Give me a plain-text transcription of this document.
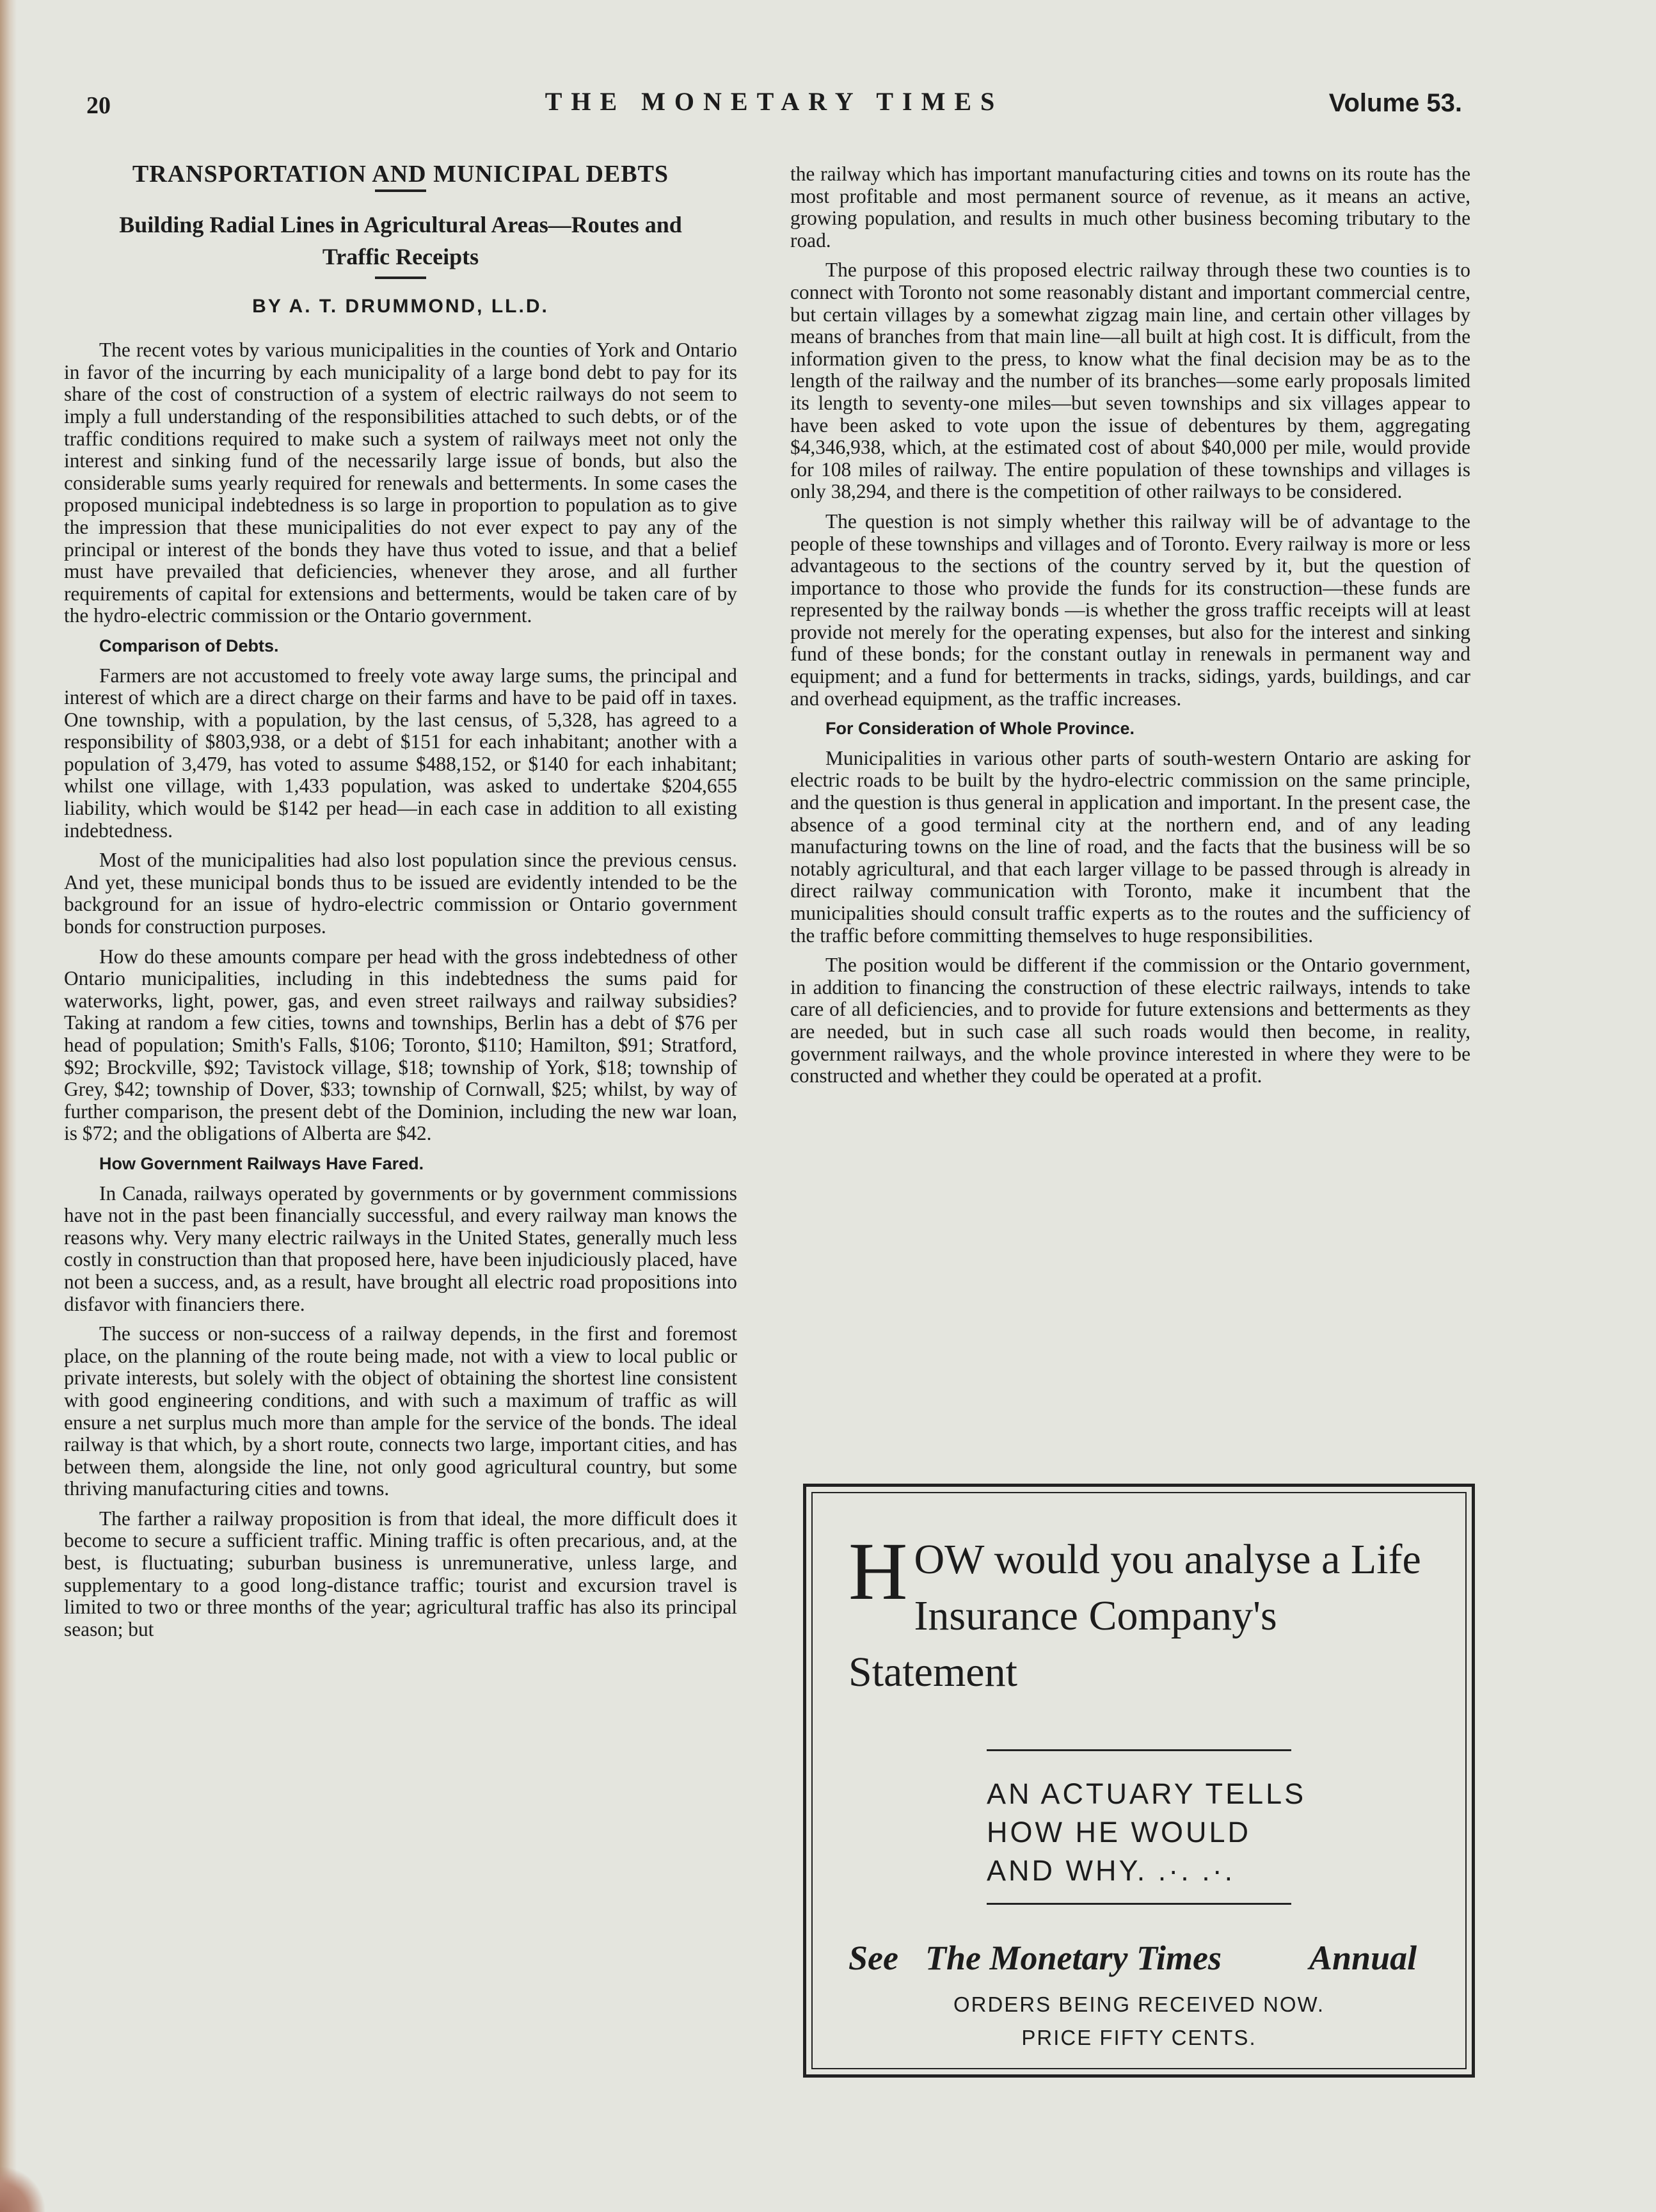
20	THE MONETARY TIMES	Volume 53.
TRANSPORTATION AND MUNICIPAL DEBTS
Building Radial Lines in Agricultural Areas—Routes and
Traffic Receipts
BY A. T. DRUMMOND, LL.D.

The recent votes by various municipalities in the counties of York and Ontario in favor of the incurring by each municipality of a large bond debt to pay for its share of the cost of construction of a system of electric railways do not seem to imply a full understanding of the responsibilities attached to such debts, or of the traffic conditions required to make such a system of railways meet not only the interest and sinking fund of the necessarily large issue of bonds, but also the considerable sums yearly required for renewals and betterments. In some cases the proposed municipal indebtedness is so large in proportion to population as to give the impression that these municipalities do not ever expect to pay any of the principal or interest of the bonds they have thus voted to issue, and that a belief must have prevailed that deficiencies, whenever they arose, and all further requirements of capital for extensions and betterments, would be taken care of by the hydro-electric commission or the Ontario government.

Comparison of Debts.

Farmers are not accustomed to freely vote away large sums, the principal and interest of which are a direct charge on their farms and have to be paid off in taxes. One township, with a population, by the last census, of 5,328, has agreed to a responsibility of $803,938, or a debt of $151 for each inhabitant; another with a population of 3,479, has voted to assume $488,152, or $140 for each inhabitant; whilst one village, with 1,433 population, was asked to undertake $204,655 liability, which would be $142 per head—in each case in addition to all existing indebtedness.

Most of the municipalities had also lost population since the previous census. And yet, these municipal bonds thus to be issued are evidently intended to be the background for an issue of hydro-electric commission or Ontario government bonds for construction purposes.

How do these amounts compare per head with the gross indebtedness of other Ontario municipalities, including in this indebtedness the sums paid for waterworks, light, power, gas, and even street railways and railway subsidies? Taking at random a few cities, towns and townships, Berlin has a debt of $76 per head of population; Smith's Falls, $106; Toronto, $110; Hamilton, $91; Stratford, $92; Brockville, $92; Tavistock village, $18; township of York, $18; township of Grey, $42; township of Dover, $33; township of Cornwall, $25; whilst, by way of further comparison, the present debt of the Dominion, including the new war loan, is $72; and the obligations of Alberta are $42.

How Government Railways Have Fared.

In Canada, railways operated by governments or by government commissions have not in the past been financially successful, and every railway man knows the reasons why. Very many electric railways in the United States, generally much less costly in construction than that proposed here, have been injudiciously placed, have not been a success, and, as a result, have brought all electric road propositions into disfavor with financiers there.

The success or non-success of a railway depends, in the first and foremost place, on the planning of the route being made, not with a view to local public or private interests, but solely with the object of obtaining the shortest line consistent with good engineering conditions, and with such a maximum of traffic as will ensure a net surplus much more than ample for the service of the bonds. The ideal railway is that which, by a short route, connects two large, important cities, and has between them, alongside the line, not only good agricultural country, but some thriving manufacturing cities and towns.

The farther a railway proposition is from that ideal, the more difficult does it become to secure a sufficient traffic. Mining traffic is often precarious, and, at the best, is fluctuating; suburban business is unremunerative, unless large, and supplementary to a good long-distance traffic; tourist and excursion travel is limited to two or three months of the year; agricultural traffic has also its principal season; but

the railway which has important manufacturing cities and towns on its route has the most profitable and most permanent source of revenue, as it means an active, growing population, and results in much other business becoming tributary to the road.

The purpose of this proposed electric railway through these two counties is to connect with Toronto not some reasonably distant and important commercial centre, but certain villages by a somewhat zigzag main line, and certain other villages by means of branches from that main line—all built at high cost. It is difficult, from the information given to the press, to know what the final decision may be as to the length of the railway and the number of its branches—some early proposals limited its length to seventy-one miles—but seven townships and six villages appear to have been asked to vote upon the issue of debentures by them, aggregating $4,346,938, which, at the estimated cost of about $40,000 per mile, would provide for 108 miles of railway. The entire population of these townships and villages is only 38,294, and there is the competition of other railways to be considered.

The question is not simply whether this railway will be of advantage to the people of these townships and villages and of Toronto. Every railway is more or less advantageous to the sections of the country served by it, but the question of importance to those who provide the funds for its construction—these funds are represented by the railway bonds —is whether the gross traffic receipts will at least provide not merely for the operating expenses, but also for the interest and sinking fund of these bonds; for the constant outlay in renewals in permanent way and equipment; and a fund for betterments in tracks, sidings, yards, buildings, and car and overhead equipment, as the traffic increases.

For Consideration of Whole Province.

Municipalities in various other parts of south-western Ontario are asking for electric roads to be built by the hydro-electric commission on the same principle, and the question is thus general in application and important. In the present case, the absence of a good terminal city at the northern end, and of any leading manufacturing towns on the line of road, and the facts that the business will be so notably agricultural, and that each larger village to be passed through is already in direct railway communication with Toronto, make it incumbent that the municipalities should consult traffic experts as to the routes and the sufficiency of the traffic before committing themselves to huge responsibilities.

The position would be different if the commission or the Ontario government, in addition to financing the construction of these electric railways, intends to take care of all deficiencies, and to provide for future extensions and betterments as they are needed, but in such case all such roads would then become, in reality, government railways, and the whole province interested in where they were to be constructed and whether they could be operated at a profit.

H OW would you analyse a Life Insurance Company's Statement
AN ACTUARY TELLS
HOW HE WOULD
AND WHY. .·. .·.
See The Monetary Times	Annual
ORDERS BEING RECEIVED NOW.
PRICE FIFTY CENTS.
